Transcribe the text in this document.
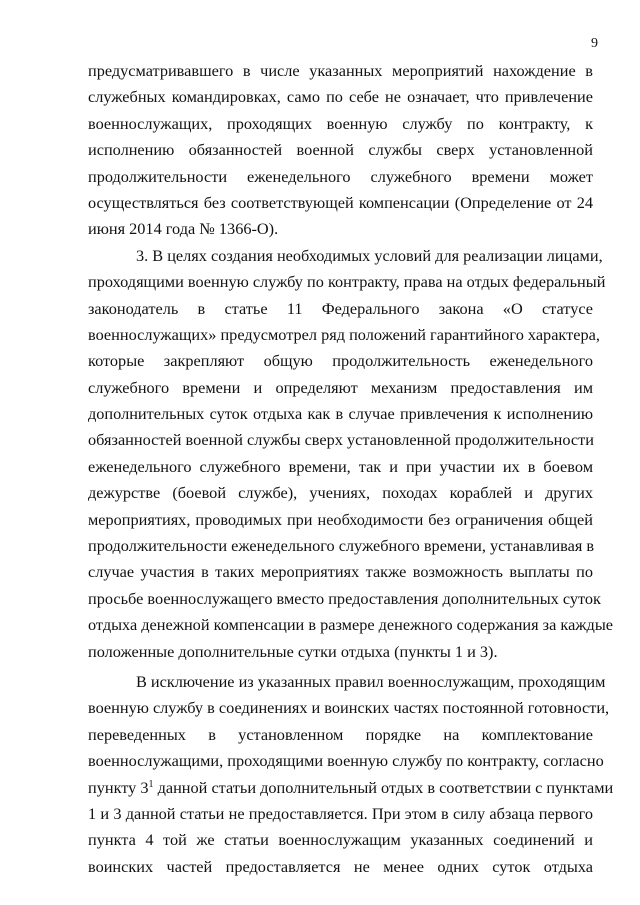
9
предусматривавшего в числе указанных мероприятий нахождение в
служебных командировках, само по себе не означает, что привлечение
военнослужащих, проходящих военную службу по контракту, к
исполнению обязанностей военной службы сверх установленной
продолжительности еженедельного служебного времени может
осуществляться без соответствующей компенсации (Определение от 24
июня 2014 года № 1366-О).
3. В целях создания необходимых условий для реализации лицами,
проходящими военную службу по контракту, права на отдых федеральный
законодатель в статье 11 Федерального закона «О статусе
военнослужащих» предусмотрел ряд положений гарантийного характера,
которые закрепляют общую продолжительность еженедельного
служебного времени и определяют механизм предоставления им
дополнительных суток отдыха как в случае привлечения к исполнению
обязанностей военной службы сверх установленной продолжительности
еженедельного служебного времени, так и при участии их в боевом
дежурстве (боевой службе), учениях, походах кораблей и других
мероприятиях, проводимых при необходимости без ограничения общей
продолжительности еженедельного служебного времени, устанавливая в
случае участия в таких мероприятиях также возможность выплаты по
просьбе военнослужащего вместо предоставления дополнительных суток
отдыха денежной компенсации в размере денежного содержания за каждые
положенные дополнительные сутки отдыха (пункты 1 и 3).
В исключение из указанных правил военнослужащим, проходящим
военную службу в соединениях и воинских частях постоянной готовности,
переведенных в установленном порядке на комплектование
военнослужащими, проходящими военную службу по контракту, согласно
пункту $3^1$ данной статьи дополнительный отдых в соответствии с пунктами
1 и 3 данной статьи не предоставляется. При этом в силу абзаца первого
пункта 4 той же статьи военнослужащим указанных соединений и
воинских частей предоставляется не менее одних суток отдыха
